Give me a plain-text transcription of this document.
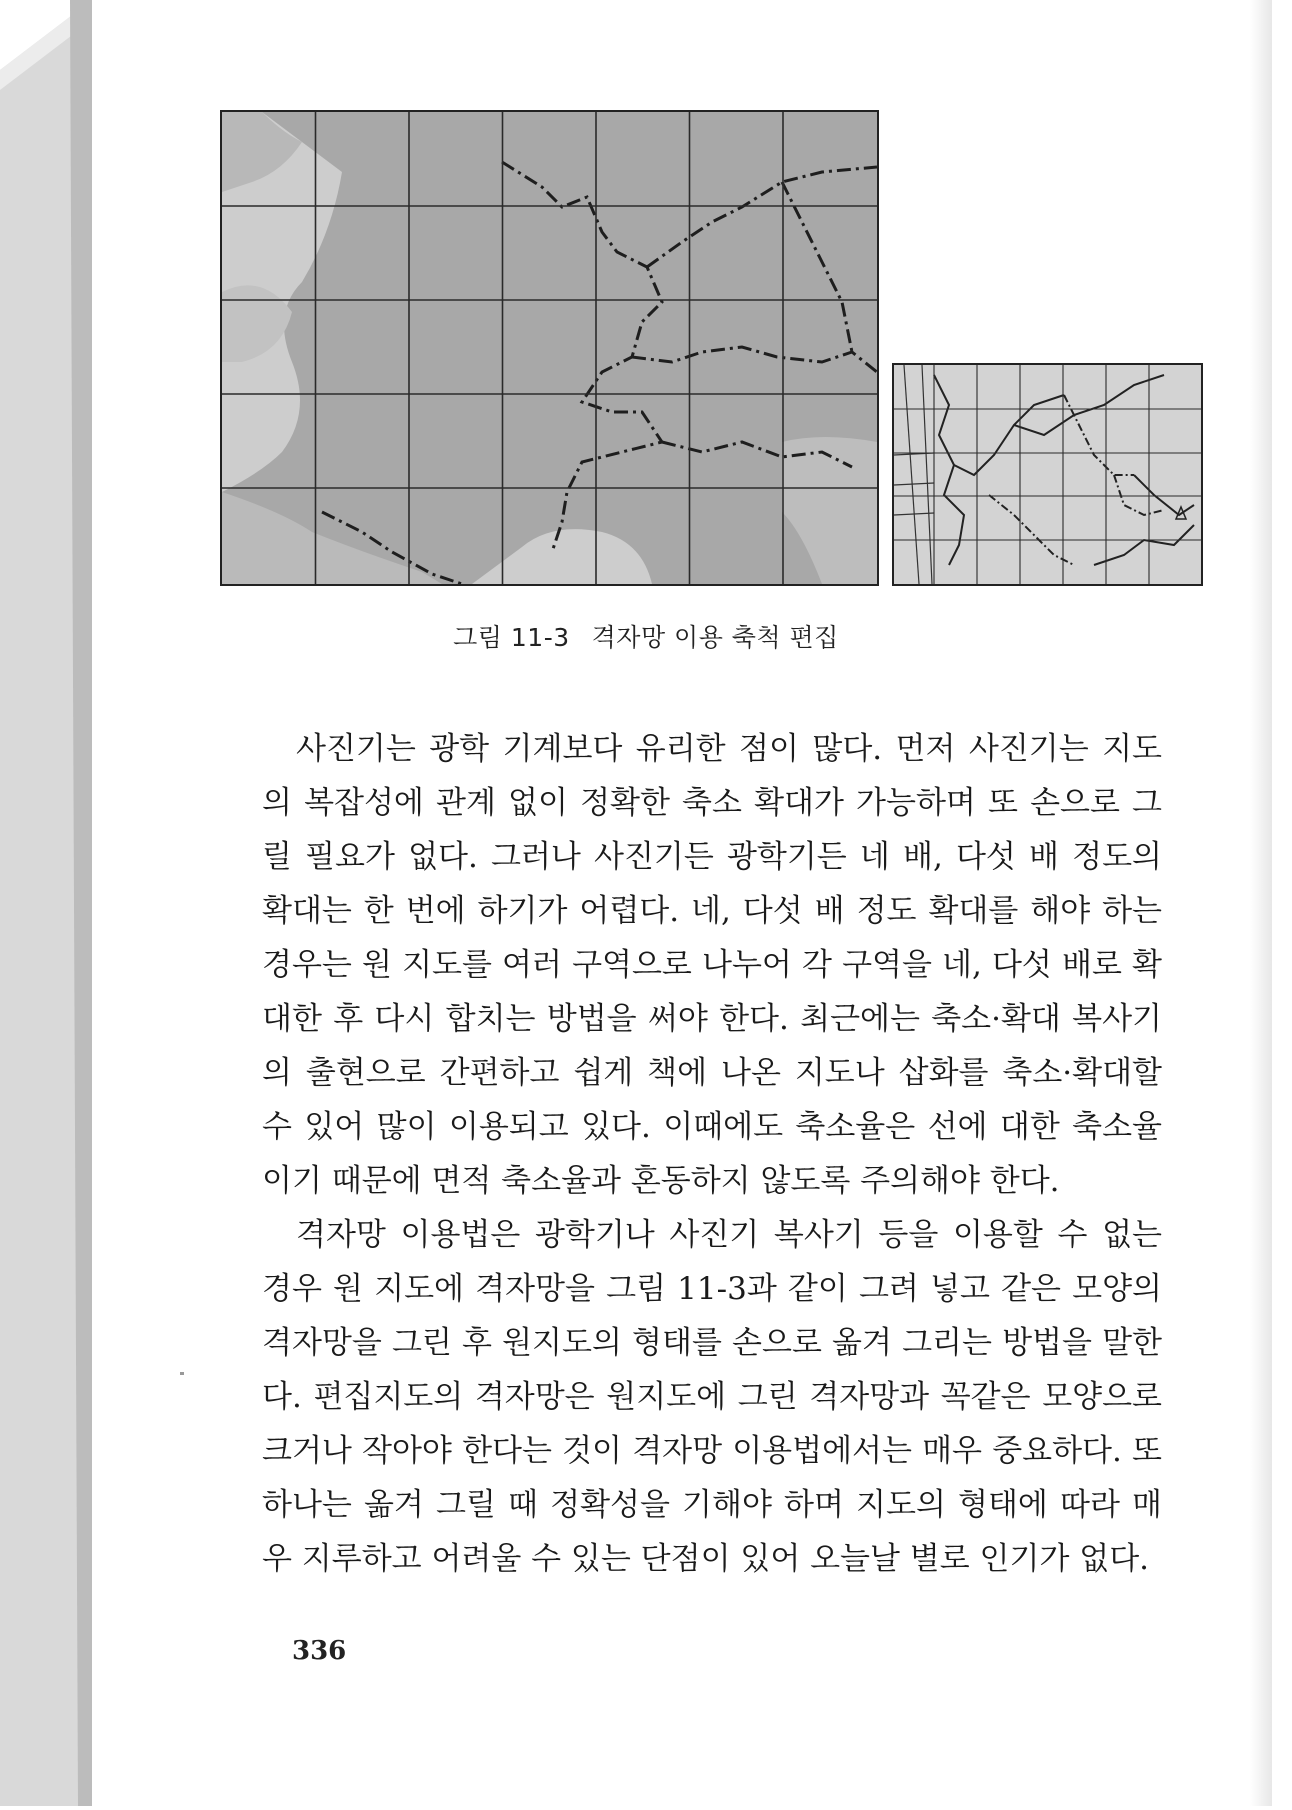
그림 11-3 격자망 이용 축척 편집

사진기는 광학 기계보다 유리한 점이 많다. 먼저 사진기는 지도의 복잡성에 관계 없이 정확한 축소 확대가 가능하며 또 손으로 그릴 필요가 없다. 그러나 사진기든 광학기든 네 배, 다섯 배 정도의 확대는 한 번에 하기가 어렵다. 네, 다섯 배 정도 확대를 해야 하는 경우는 원 지도를 여러 구역으로 나누어 각 구역을 네, 다섯 배로 확대한 후 다시 합치는 방법을 써야 한다. 최근에는 축소·확대 복사기의 출현으로 간편하고 쉽게 책에 나온 지도나 삽화를 축소·확대할 수 있어 많이 이용되고 있다. 이때에도 축소율은 선에 대한 축소율이기 때문에 면적 축소율과 혼동하지 않도록 주의해야 한다.

격자망 이용법은 광학기나 사진기 복사기 등을 이용할 수 없는 경우 원 지도에 격자망을 그림 11-3과 같이 그려 넣고 같은 모양의 격자망을 그린 후 원지도의 형태를 손으로 옮겨 그리는 방법을 말한다. 편집지도의 격자망은 원지도에 그린 격자망과 꼭같은 모양으로 크거나 작아야 한다는 것이 격자망 이용법에서는 매우 중요하다. 또 하나는 옮겨 그릴 때 정확성을 기해야 하며 지도의 형태에 따라 매우 지루하고 어려울 수 있는 단점이 있어 오늘날 별로 인기가 없다.

336
